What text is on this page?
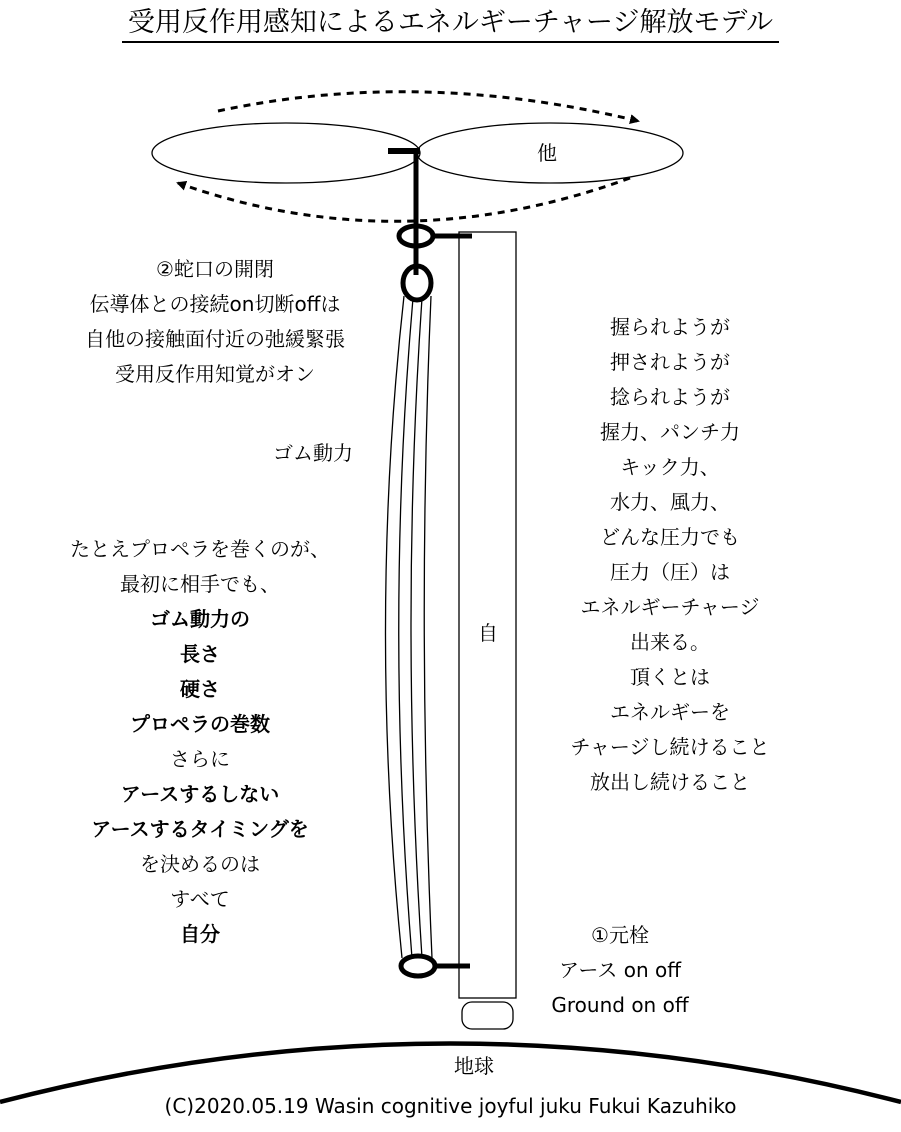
受用反作用感知によるエネルギーチャージ解放モデル
他
自
ゴム動力
地球
②蛇口の開閉
伝導体との接続on切断offは
自他の接触面付近の弛緩緊張
受用反作用知覚がオン
握られようが
押されようが
捻られようが
握力、パンチ力
キック力、
水力、風力、
どんな圧力でも
圧力（圧）は
エネルギーチャージ
出来る。
頂くとは
エネルギーを
チャージし続けること
放出し続けること
たとえプロペラを巻くのが、
最初に相手でも、
ゴム動力の
長さ
硬さ
プロペラの巻数
さらに
アースするしない
アースするタイミングを
を決めるのは
すべて
自分	①元栓
アース on off
Ground on off
(C)2020.05.19 Wasin cognitive joyful juku Fukui Kazuhiko
